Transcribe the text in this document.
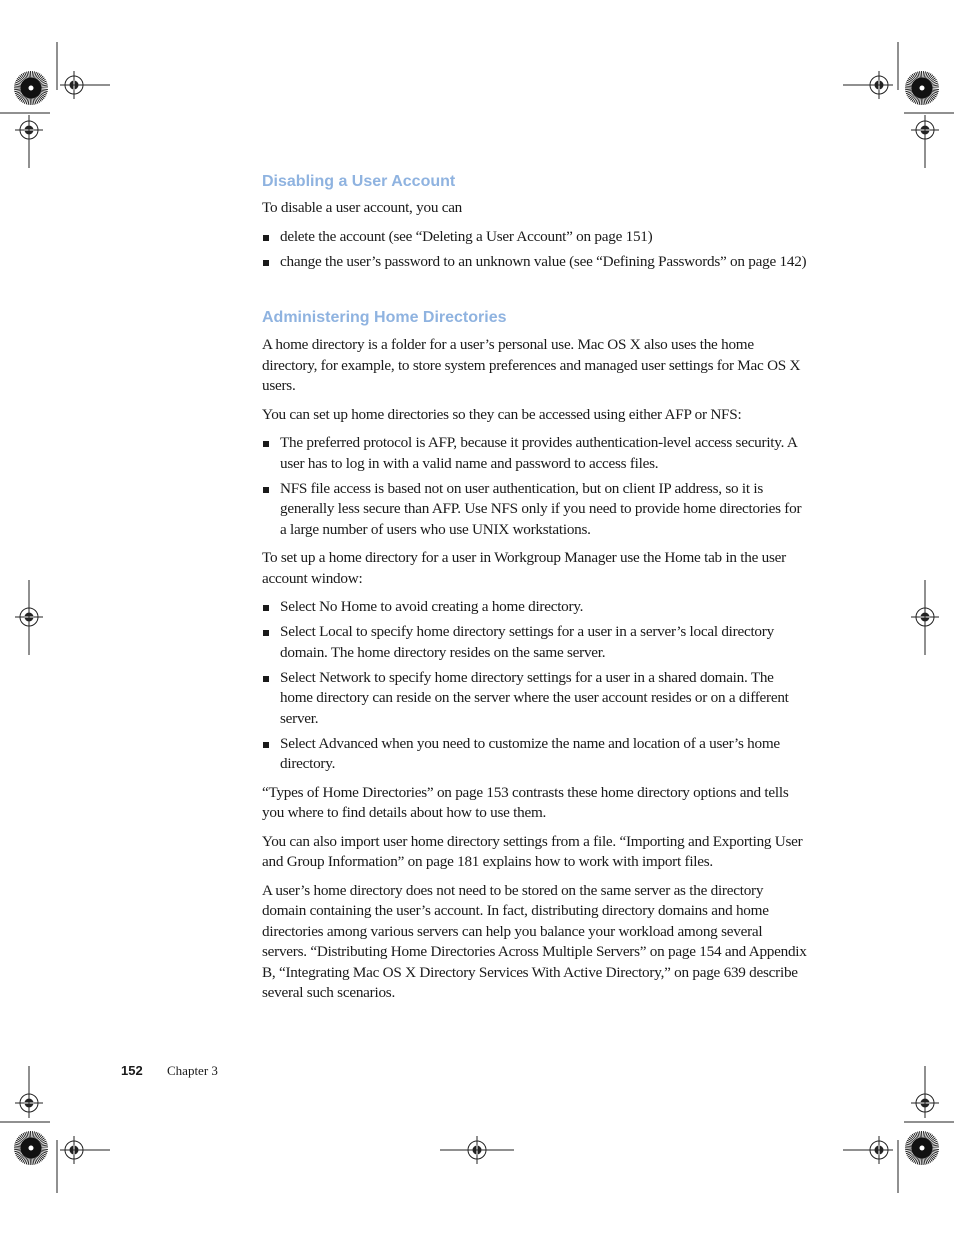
Disabling a User Account

To disable a user account, you can

delete the account (see “Deleting a User Account” on page 151)
change the user’s password to an unknown value (see “Defining Passwords” on page 142)
Administering Home Directories

A home directory is a folder for a user’s personal use. Mac OS X also uses the home directory, for example, to store system preferences and managed user settings for Mac OS X users.

You can set up home directories so they can be accessed using either AFP or NFS:

The preferred protocol is AFP, because it provides authentication-level access security. A user has to log in with a valid name and password to access files.
NFS file access is based not on user authentication, but on client IP address, so it is generally less secure than AFP. Use NFS only if you need to provide home directories for a large number of users who use UNIX workstations.

To set up a home directory for a user in Workgroup Manager use the Home tab in the user account window:

Select No Home to avoid creating a home directory.
Select Local to specify home directory settings for a user in a server’s local directory domain. The home directory resides on the same server.
Select Network to specify home directory settings for a user in a shared domain. The home directory can reside on the server where the user account resides or on a different server.
Select Advanced when you need to customize the name and location of a user’s home directory.

“Types of Home Directories” on page 153 contrasts these home directory options and tells you where to find details about how to use them.

You can also import user home directory settings from a file. “Importing and Exporting User and Group Information” on page 181 explains how to work with import files.

A user’s home directory does not need to be stored on the same server as the directory domain containing the user’s account. In fact, distributing directory domains and home directories among various servers can help you balance your workload among several servers. “Distributing Home Directories Across Multiple Servers” on page 154 and Appendix B, “Integrating Mac OS X Directory Services With Active Directory,” on page 639 describe several such scenarios.

152 Chapter 3
